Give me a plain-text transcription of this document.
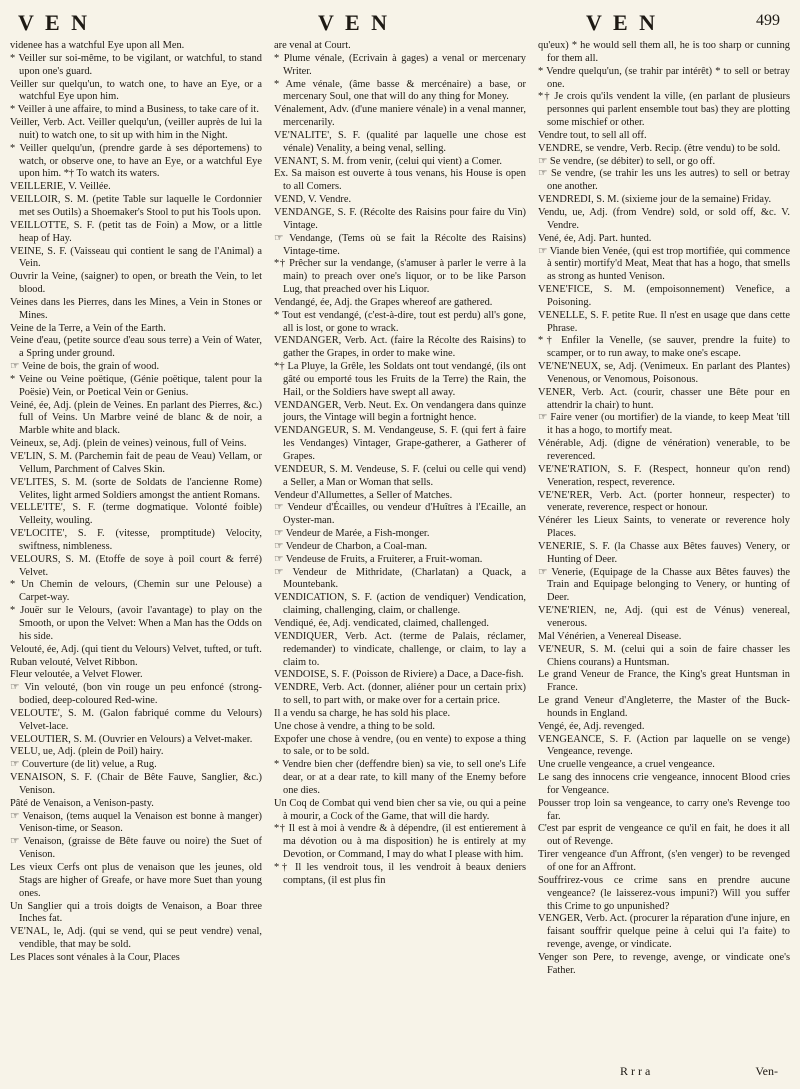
V E N	V E N	V E N	499

videnee has a watchful Eye upon all Men.

* Veiller sur soi-même, to be vigilant, or watchful, to stand upon one's guard.

Veiller sur quelqu'un, to watch one, to have an Eye, or a watchful Eye upon him.

* Veiller à une affaire, to mind a Business, to take care of it.

Veiller, Verb. Act. Veiller quelqu'un, (veiller auprès de lui la nuit) to watch one, to sit up with him in the Night.

* Veiller quelqu'un, (prendre garde à ses déportemens) to watch, or observe one, to have an Eye, or a watchful Eye upon him. *† To watch its waters.

VEILLERIE, V. Veillée.

VEILLOIR, S. M. (petite Table sur laquelle le Cordonnier met ses Outils) a Shoemaker's Stool to put his Tools upon.

VEILLOTTE, S. F. (petit tas de Foin) a Mow, or a little heap of Hay.

VEINE, S. F. (Vaisseau qui contient le sang de l'Animal) a Vein.

Ouvrir la Veine, (saigner) to open, or breath the Vein, to let blood.

Veines dans les Pierres, dans les Mines, a Vein in Stones or Mines.

Veine de la Terre, a Vein of the Earth.

Veine d'eau, (petite source d'eau sous terre) a Vein of Water, a Spring under ground.

☞ Veine de bois, the grain of wood.

* Veine ou Veine poëtique, (Génie poëtique, talent pour la Poësie) Vein, or Poetical Vein or Genius.

Veiné, ée, Adj. (plein de Veines. En parlant des Pierres, &c.) full of Veins. Un Marbre veiné de blanc & de noir, a Marble white and black.

Veineux, se, Adj. (plein de veines) veinous, full of Veins.

VE'LIN, S. M. (Parchemin fait de peau de Veau) Vellam, or Vellum, Parchment of Calves Skin.

VE'LITES, S. M. (sorte de Soldats de l'ancienne Rome) Velites, light armed Soldiers amongst the antient Romans.

VELLE'ITE', S. F. (terme dogmatique. Volonté foible) Velleity, wouling.

VE'LOCITE', S. F. (vitesse, promptitude) Velocity, swiftness, nimbleness.

VELOURS, S. M. (Etoffe de soye à poil court & ferré) Velvet.

* Un Chemin de velours, (Chemin sur une Pelouse) a Carpet-way.

* Jouër sur le Velours, (avoir l'avantage) to play on the Smooth, or upon the Velvet: When a Man has the Odds on his side.

Velouté, ée, Adj. (qui tient du Velours) Velvet, tufted, or tuft.

Ruban velouté, Velvet Ribbon.

Fleur veloutée, a Velvet Flower.

☞ Vin velouté, (bon vin rouge un peu enfoncé (strong-bodied, deep-coloured Red-wine.

VELOUTE', S. M. (Galon fabriqué comme du Velours) Velvet-lace.

VELOUTIER, S. M. (Ouvrier en Velours) a Velvet-maker.

VELU, ue, Adj. (plein de Poil) hairy.

☞ Couverture (de lit) velue, a Rug.

VENAISON, S. F. (Chair de Bête Fauve, Sanglier, &c.) Venison.

Pâté de Venaison, a Venison-pasty.

☞ Venaison, (tems auquel la Venaison est bonne à manger) Venison-time, or Season.

☞ Venaison, (graisse de Bête fauve ou noire) the Suet of Venison.

Les vieux Cerfs ont plus de venaison que les jeunes, old Stags are higher of Greafe, or have more Suet than young ones.

Un Sanglier qui a trois doigts de Venaison, a Boar three Inches fat.

VE'NAL, le, Adj. (qui se vend, qui se peut vendre) venal, vendible, that may be sold.

Les Places sont vénales à la Cour, Places

are venal at Court.

* Plume vénale, (Ecrivain à gages) a venal or mercenary Writer.

* Ame vénale, (âme basse & mercénaire) a base, or mercenary Soul, one that will do any thing for Money.

Vénalement, Adv. (d'une maniere vénale) in a venal manner, mercenarily.

VE'NALITE', S. F. (qualité par laquelle une chose est vénale) Venality, a being venal, selling.

VENANT, S. M. from venir, (celui qui vient) a Comer.

Ex. Sa maison est ouverte à tous venans, his House is open to all Comers.

VEND, V. Vendre.

VENDANGE, S. F. (Récolte des Raisins pour faire du Vin) Vintage.

☞ Vendange, (Tems où se fait la Récolte des Raisins) Vintage-time.

*† Prêcher sur la vendange, (s'amuser à parler le verre à la main) to preach over one's liquor, or to be like Parson Lug, that preached over his Liquor.

Vendangé, ée, Adj. the Grapes whereof are gathered.

* Tout est vendangé, (c'est-à-dire, tout est perdu) all's gone, all is lost, or gone to wrack.

VENDANGER, Verb. Act. (faire la Récolte des Raisins) to gather the Grapes, in order to make wine.

*† La Pluye, la Grêle, les Soldats ont tout vendangé, (ils ont gâté ou emporté tous les Fruits de la Terre) the Rain, the Hail, or the Soldiers have swept all away.

VENDANGER, Verb. Neut. Ex. On vendangera dans quinze jours, the Vintage will begin a fortnight hence.

VENDANGEUR, S. M. Vendangeuse, S. F. (qui fert à faire les Vendanges) Vintager, Grape-gatherer, a Gatherer of Grapes.

VENDEUR, S. M. Vendeuse, S. F. (celui ou celle qui vend) a Seller, a Man or Woman that sells.

Vendeur d'Allumettes, a Seller of Matches.

☞ Vendeur d'Écailles, ou vendeur d'Huîtres à l'Ecaille, an Oyster-man.

☞ Vendeur de Marée, a Fish-monger.

☞ Vendeur de Charbon, a Coal-man.

☞ Vendeuse de Fruits, a Fruiterer, a Fruit-woman.

☞ Vendeur de Mithridate, (Charlatan) a Quack, a Mountebank.

VENDICATION, S. F. (action de vendiquer) Vendication, claiming, challenging, claim, or challenge.

Vendiqué, ée, Adj. vendicated, claimed, challenged.

VENDIQUER, Verb. Act. (terme de Palais, réclamer, redemander) to vindicate, challenge, or claim, to lay a claim to.

VENDOISE, S. F. (Poisson de Riviere) a Dace, a Dace-fish.

VENDRE, Verb. Act. (donner, aliéner pour un certain prix) to sell, to part with, or make over for a certain price.

Il a vendu sa charge, he has sold his place.

Une chose à vendre, a thing to be sold.

Expofer une chose à vendre, (ou en vente) to expose a thing to sale, or to be sold.

* Vendre bien cher (deffendre bien) sa vie, to sell one's Life dear, or at a dear rate, to kill many of the Enemy before one dies.

Un Coq de Combat qui vend bien cher sa vie, ou qui a peine à mourir, a Cock of the Game, that will die hardy.

*† Il est à moi à vendre & à dépendre, (il est entierement à ma dévotion ou à ma disposition) he is entirely at my Devotion, or Command, I may do what I please with him.

*† Il les vendroit tous, il les vendroit à beaux deniers comptans, (il est plus fin

qu'eux) * he would sell them all, he is too sharp or cunning for them all.

* Vendre quelqu'un, (se trahir par intérêt) * to sell or betray one.

*† Je crois qu'ils vendent la ville, (en parlant de plusieurs personnes qui parlent ensemble tout bas) they are plotting some mischief or other.

Vendre tout, to sell all off.

VENDRE, se vendre, Verb. Recip. (être vendu) to be sold.

☞ Se vendre, (se débiter) to sell, or go off.

☞ Se vendre, (se trahir les uns les autres) to sell or betray one another.

VENDREDI, S. M. (sixieme jour de la semaine) Friday.

Vendu, ue, Adj. (from Vendre) sold, or sold off, &c. V. Vendre.

Vené, ée, Adj. Part. hunted.

☞ Viande bien Venée, (qui est trop mortifiée, qui commence à sentir) mortify'd Meat, Meat that has a hogo, that smells as strong as hunted Venison.

VENE'FICE, S. M. (empoisonnement) Venefice, a Poisoning.

VENELLE, S. F. petite Rue. Il n'est en usage que dans cette Phrase.

*† Enfiler la Venelle, (se sauver, prendre la fuite) to scamper, or to run away, to make one's escape.

VE'NE'NEUX, se, Adj. (Venimeux. En parlant des Plantes) Venenous, or Venomous, Poisonous.

VENER, Verb. Act. (courir, chasser une Bête pour en attendrir la chair) to hunt.

☞ Faire vener (ou mortifier) de la viande, to keep Meat 'till it has a hogo, to mortify meat.

Vénérable, Adj. (digne de vénération) venerable, to be reverenced.

VE'NE'RATION, S. F. (Respect, honneur qu'on rend) Veneration, respect, reverence.

VE'NE'RER, Verb. Act. (porter honneur, respecter) to venerate, reverence, respect or honour.

Vénérer les Lieux Saints, to venerate or reverence holy Places.

VENERIE, S. F. (la Chasse aux Bêtes fauves) Venery, or Hunting of Deer.

☞ Venerie, (Equipage de la Chasse aux Bêtes fauves) the Train and Equipage belonging to Venery, or hunting of Deer.

VE'NE'RIEN, ne, Adj. (qui est de Vénus) venereal, venerous.

Mal Vénérien, a Venereal Disease.

VE'NEUR, S. M. (celui qui a soin de faire chasser les Chiens courans) a Huntsman.

Le grand Veneur de France, the King's great Huntsman in France.

Le grand Veneur d'Angleterre, the Master of the Buck-hounds in England.

Vengé, ée, Adj. revenged.

VENGEANCE, S. F. (Action par laquelle on se venge) Vengeance, revenge.

Une cruelle vengeance, a cruel vengeance.

Le sang des innocens crie vengeance, innocent Blood cries for Vengeance.

Pousser trop loin sa vengeance, to carry one's Revenge too far.

C'est par esprit de vengeance ce qu'il en fait, he does it all out of Revenge.

Tirer vengeance d'un Affront, (s'en venger) to be revenged of one for an Affront.

Souffrirez-vous ce crime sans en prendre aucune vengeance? (le laisserez-vous impuni?) Will you suffer this Crime to go unpunished?

VENGER, Verb. Act. (procurer la réparation d'une injure, en faisant souffrir quelque peine à celui qui l'a faite) to revenge, avenge, or vindicate.

Venger son Pere, to revenge, avenge, or vindicate one's Father.

R r r a	Ven-
